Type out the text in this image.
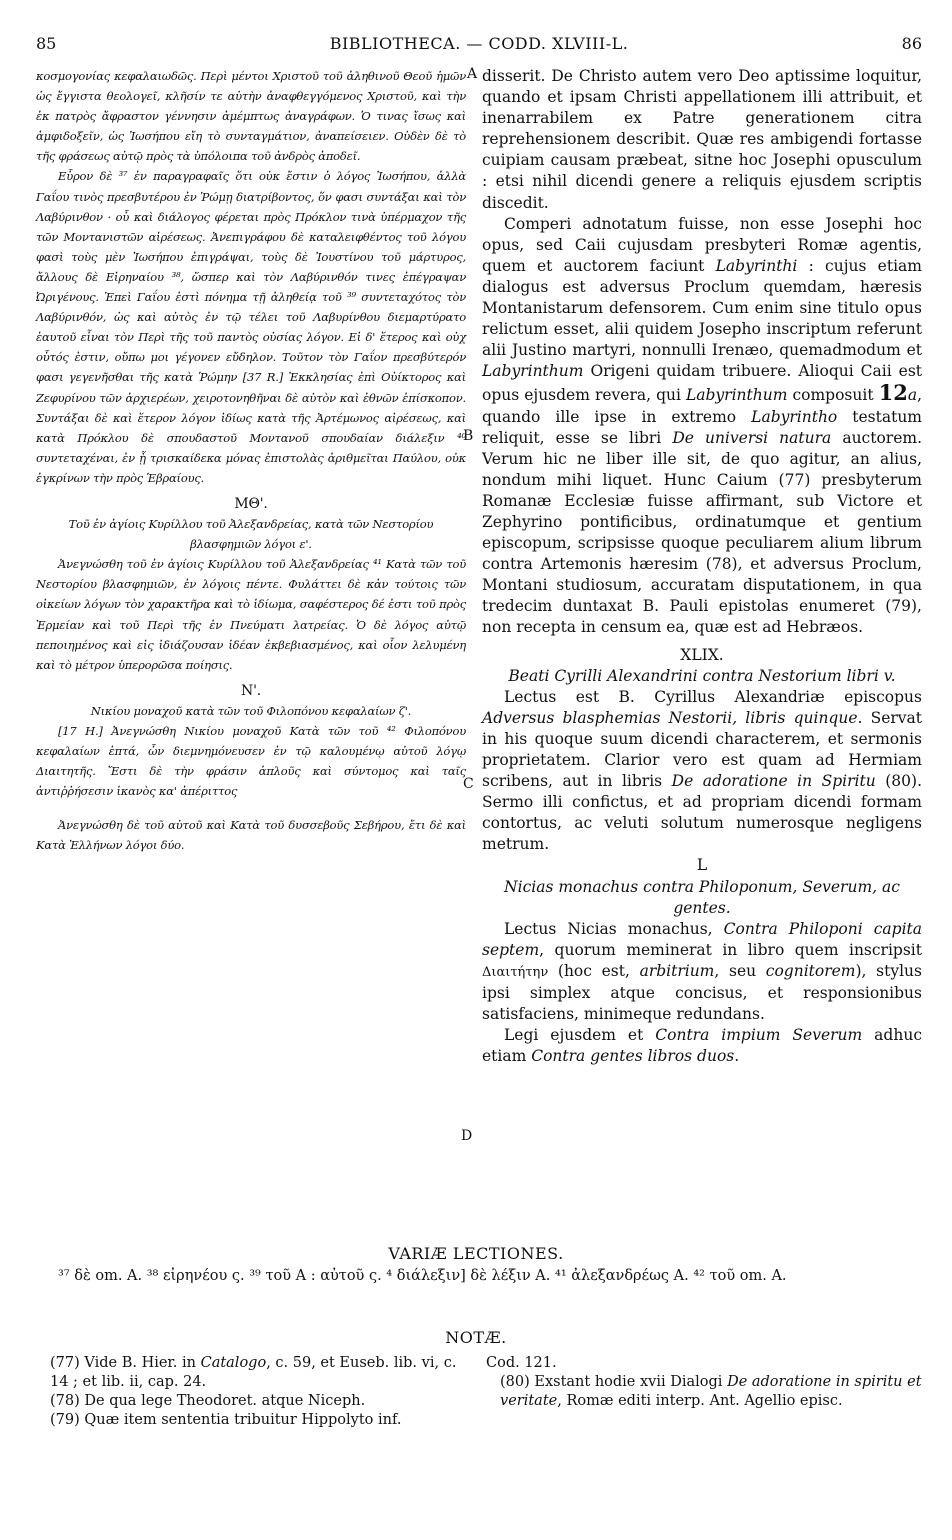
85	BIBLIOTHECA. — CODD. XLVIII-L.	86
A
B
C
D

κοσμογονίας κεφαλαιωδῶς. Περὶ μέντοι Χριστοῦ τοῦ ἀληθινοῦ Θεοῦ ἡμῶν ὡς ἔγγιστα θεολογεῖ, κλῆσίν τε αὐτὴν ἀναφθεγγόμενος Χριστοῦ, καὶ τὴν ἐκ πατρὸς ἄφραστον γέννησιν ἀμέμπτως ἀναγράφων. Ὁ τινας ἴσως καὶ ἀμφιδοξεῖν, ὡς Ἰωσήπου εἴη τὸ συνταγμάτιον, ἀναπείσειεν. Οὐδὲν δὲ τὸ τῆς φράσεως αὐτῷ πρὸς τὰ ὑπόλοιπα τοῦ ἀνδρὸς ἀποδεῖ.

Εὗρον δὲ ³⁷ ἐν παραγραφαῖς ὅτι οὐκ ἔστιν ὁ λόγος Ἰωσήπου, ἀλλὰ Γαΐου τινὸς πρεσβυτέρου ἐν Ῥώμῃ διατρίβοντος, ὅν φασι συντάξαι καὶ τὸν Λαβύρινθον · οὗ καὶ διάλογος φέρεται πρὸς Πρόκλον τινὰ ὑπέρμαχον τῆς τῶν Μοντανιστῶν αἱρέσεως. Ἀνεπιγράφου δὲ καταλειφθέντος τοῦ λόγου φασὶ τοὺς μὲν Ἰωσήπου ἐπιγράψαι, τοὺς δὲ Ἰουστίνου τοῦ μάρτυρος, ἄλλους δὲ Εἰρηναίου ³⁸, ὥσπερ καὶ τὸν Λαβύρινθόν τινες ἐπέγραψαν Ὠριγένους. Ἐπεὶ Γαΐου ἐστὶ πόνημα τῇ ἀληθείᾳ τοῦ ³⁹ συντεταχότος τὸν Λαβύρινθόν, ὡς καὶ αὐτὸς ἐν τῷ τέλει τοῦ Λαβυρίνθου διεμαρτύρατο ἑαυτοῦ εἶναι τὸν Περὶ τῆς τοῦ παντὸς οὐσίας λόγον. Εἰ δ' ἕτερος καὶ οὐχ οὗτός ἐστιν, οὔπω μοι γέγονεν εὔδηλον. Τοῦτον τὸν Γαΐον πρεσβύτερόν φασι γεγενῆσθαι τῆς κατὰ Ῥώμην [37 R.] Ἐκκλησίας ἐπὶ Οὐίκτορος καὶ Ζεφυρίνου τῶν ἀρχιερέων, χειροτονηθῆναι δὲ αὐτὸν καὶ ἐθνῶν ἐπίσκοπον. Συντάξαι δὲ καὶ ἕτερον λόγον ἰδίως κατὰ τῆς Ἀρτέμωνος αἱρέσεως, καὶ κατὰ Πρόκλου δὲ σπουδαστοῦ Μοντανοῦ σπουδαίαν διάλεξιν ⁴⁰ συντεταχέναι, ἐν ᾗ τρισκαίδεκα μόνας ἐπιστολὰς ἀριθμεῖται Παύλου, οὐκ ἐγκρίνων τὴν πρὸς Ἑβραίους.

ΜΘ'.

Τοῦ ἐν ἁγίοις Κυρίλλου τοῦ Ἀλεξανδρείας, κατὰ τῶν Νεστορίου βλασφημιῶν λόγοι ε'.

Ἀνεγνώσθη τοῦ ἐν ἁγίοις Κυρίλλου τοῦ Ἀλεξανδρείας ⁴¹ Κατὰ τῶν τοῦ Νεστορίου βλασφημιῶν, ἐν λόγοις πέντε. Φυλάττει δὲ κἀν τούτοις τῶν οἰκείων λόγων τὸν χαρακτῆρα καὶ τὸ ἰδίωμα, σαφέστερος δέ ἐστι τοῦ πρὸς Ἑρμείαν καὶ τοῦ Περὶ τῆς ἐν Πνεύματι λατρείας. Ὁ δὲ λόγος αὐτῷ πεποιημένος καὶ εἰς ἰδιάζουσαν ἰδέαν ἐκβεβιασμένος, καὶ οἷον λελυμένη καὶ τὸ μέτρον ὑπερορῶσα ποίησις.

Ν'.

Νικίου μοναχοῦ κατὰ τῶν τοῦ Φιλοπόνου κεφαλαίων ζ'.

[17 H.] Ἀνεγνώσθη Νικίου μοναχοῦ Κατὰ τῶν τοῦ ⁴² Φιλοπόνου κεφαλαίων ἑπτά, ὧν διεμνημόνευσεν ἐν τῷ καλουμένῳ αὐτοῦ λόγῳ Διαιτητῆς. Ἔστι δὲ τὴν φράσιν ἁπλοῦς καὶ σύντομος καὶ ταῖς ἀντιῤῥήσεσιν ἱκανὸς κα' ἀπέριττος

Ἀνεγνώσθη δὲ τοῦ αὐτοῦ καὶ Κατὰ τοῦ δυσσεβοῦς Σεβήρου, ἔτι δὲ καὶ Κατὰ Ἑλλήνων λόγοι δύο.

disserit. De Christo autem vero Deo aptissime loquitur, quando et ipsam Christi appellationem illi attribuit, et inenarrabilem ex Patre generationem citra reprehensionem describit. Quæ res ambigendi fortasse cuipiam causam præbeat, sitne hoc Josephi opusculum : etsi nihil dicendi genere a reliquis ejusdem scriptis discedit.

Comperi adnotatum fuisse, non esse Josephi hoc opus, sed Caii cujusdam presbyteri Romæ agentis, quem et auctorem faciunt Labyrinthi : cujus etiam dialogus est adversus Proclum quemdam, hæresis Montanistarum defensorem. Cum enim sine titulo opus relictum esset, alii quidem Josepho inscriptum referunt alii Justino martyri, nonnulli Irenæo, quemadmodum et Labyrinthum Origeni quidam tribuere. Alioqui Caii est opus ejusdem revera, qui Labyrinthum composuit 12a, quando ille ipse in extremo Labyrintho testatum reliquit, esse se libri De universi natura auctorem. Verum hic ne liber ille sit, de quo agitur, an alius, nondum mihi liquet. Hunc Caium (77) presbyterum Romanæ Ecclesiæ fuisse affirmant, sub Victore et Zephyrino pontificibus, ordinatumque et gentium episcopum, scripsisse quoque peculiarem alium librum contra Artemonis hæresim (78), et adversus Proclum, Montani studiosum, accuratam disputationem, in qua tredecim duntaxat B. Pauli epistolas enumeret (79), non recepta in censum ea, quæ est ad Hebræos.

XLIX.

Beati Cyrilli Alexandrini contra Nestorium libri v.

Lectus est B. Cyrillus Alexandriæ episcopus Adversus blasphemias Nestorii, libris quinque. Servat in his quoque suum dicendi characterem, et sermonis proprietatem. Clarior vero est quam ad Hermiam scribens, aut in libris De adoratione in Spiritu (80). Sermo illi confictus, et ad propriam dicendi formam contortus, ac veluti solutum numerosque negligens metrum.

L

Nicias monachus contra Philoponum, Severum, ac gentes.

Lectus Nicias monachus, Contra Philoponi capita septem, quorum meminerat in libro quem inscripsit Διαιτήτην (hoc est, arbitrium, seu cognitorem), stylus ipsi simplex atque concisus, et responsionibus satisfaciens, minimeque redundans.

Legi ejusdem et Contra impium Severum adhuc etiam Contra gentes libros duos.

VARIÆ LECTIONES.
³⁷ δὲ om. A. ³⁸ εἰρηνέου ς. ³⁹ τοῦ A : αὐτοῦ ς. ⁴ διάλεξιν] δὲ λέξιν A. ⁴¹ ἀλεξανδρέως A. ⁴² τοῦ om. A.
NOTÆ.

(77) Vide B. Hier. in Catalogo, c. 59, et Euseb. lib. vi, c. 14 ; et lib. ii, cap. 24.

(78) De qua lege Theodoret. atque Niceph.

(79) Quæ item sententia tribuitur Hippolyto inf.

Cod. 121.

(80) Exstant hodie xvii Dialogi De adoratione in spiritu et veritate, Romæ editi interp. Ant. Agellio episc.
